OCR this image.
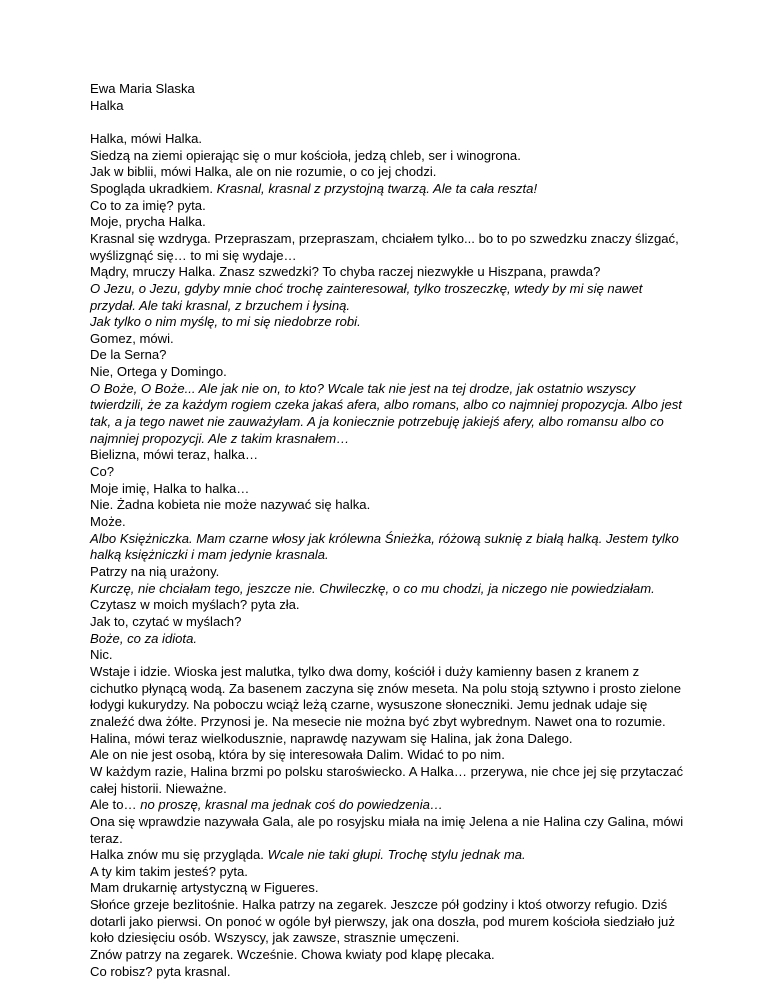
Ewa Maria Slaska

Halka

Halka, mówi Halka.

Siedzą na ziemi opierając się o mur kościoła, jedzą chleb, ser i winogrona.

Jak w biblii, mówi Halka, ale on nie rozumie, o co jej chodzi.

Spogląda ukradkiem. Krasnal, krasnal z przystojną twarzą. Ale ta cała reszta!

Co to za imię? pyta.

Moje, prycha Halka.

Krasnal się wzdryga. Przepraszam, przepraszam, chciałem tylko... bo to po szwedzku znaczy ślizgać, wyślizgnąć się… to mi się wydaje…

Mądry, mruczy Halka. Znasz szwedzki? To chyba raczej niezwykłe u Hiszpana, prawda?

O Jezu, o Jezu, gdyby mnie choć trochę zainteresował, tylko troszeczkę, wtedy by mi się nawet przydał. Ale taki krasnal, z brzuchem i łysiną.

Jak tylko o nim myślę, to mi się niedobrze robi.

Gomez, mówi.

De la Serna?

Nie, Ortega y Domingo.

O Boże, O Boże... Ale jak nie on, to kto? Wcale tak nie jest na tej drodze, jak ostatnio wszyscy twierdzili, że za każdym rogiem czeka jakaś afera, albo romans, albo co najmniej propozycja. Albo jest tak, a ja tego nawet nie zauważyłam. A ja koniecznie potrzebuję jakiejś afery, albo romansu albo co najmniej propozycji. Ale z takim krasnałem…

Bielizna, mówi teraz, halka…

Co?

Moje imię, Halka to halka…

Nie. Żadna kobieta nie może nazywać się halka.

Może.

Albo Księżniczka. Mam czarne włosy jak królewna Śnieżka, różową suknię z białą halką. Jestem tylko halką księżniczki i mam jedynie krasnala.

Patrzy na nią urażony.

Kurczę, nie chciałam tego, jeszcze nie. Chwileczkę, o co mu chodzi, ja niczego nie powiedziałam.

Czytasz w moich myślach? pyta zła.

Jak to, czytać w myślach?

Boże, co za idiota.

Nic.

Wstaje i idzie. Wioska jest malutka, tylko dwa domy, kościół i duży kamienny basen z kranem z cichutko płynącą wodą. Za basenem zaczyna się znów meseta. Na polu stoją sztywno i prosto zielone łodygi kukurydzy. Na poboczu wciąż leżą czarne, wysuszone słoneczniki. Jemu jednak udaje się znaleźć dwa żółte. Przynosi je. Na mesecie nie można być zbyt wybrednym. Nawet ona to rozumie.

Halina, mówi teraz wielkodusznie, naprawdę nazywam się Halina, jak żona Dalego.

Ale on nie jest osobą, która by się interesowała Dalim. Widać to po nim.

W każdym razie, Halina brzmi po polsku staroświecko. A Halka… przerywa, nie chce jej się przytaczać całej historii. Nieważne.

Ale to… no proszę, krasnal ma jednak coś do powiedzenia…

Ona się wprawdzie nazywała Gala, ale po rosyjsku miała na imię Jelena a nie Halina czy Galina, mówi teraz.

Halka znów mu się przygląda. Wcale nie taki głupi. Trochę stylu jednak ma.

A ty kim takim jesteś? pyta.

Mam drukarnię artystyczną w Figueres.

Słońce grzeje bezlitośnie. Halka patrzy na zegarek. Jeszcze pół godziny i ktoś otworzy refugio. Dziś dotarli jako pierwsi. On ponoć w ogóle był pierwszy, jak ona doszła, pod murem kościoła siedziało już koło dziesięciu osób. Wszyscy, jak zawsze, strasznie umęczeni.

Znów patrzy na zegarek. Wcześnie. Chowa kwiaty pod klapę plecaka.

Co robisz? pyta krasnal.
